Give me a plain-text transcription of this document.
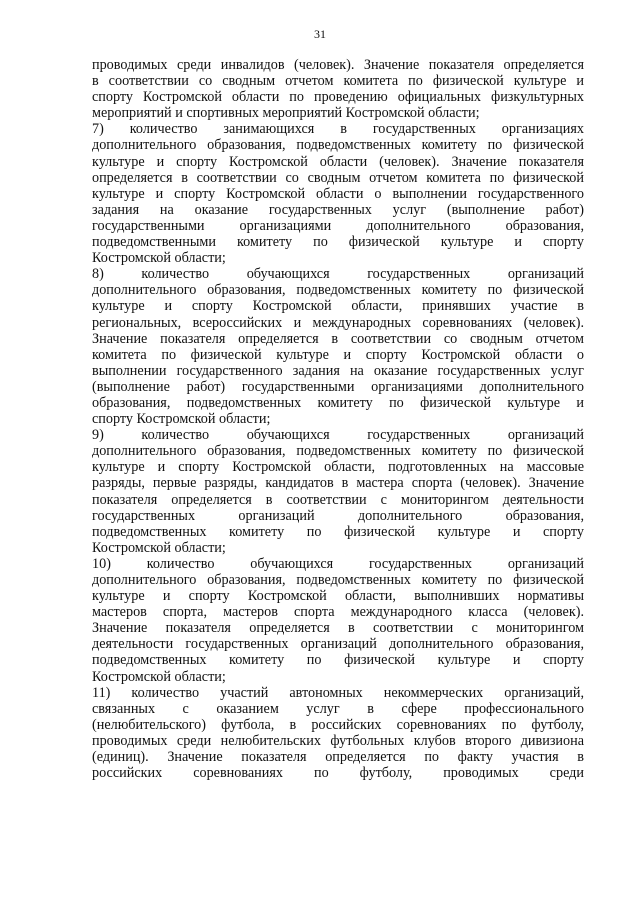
31
проводимых среди инвалидов (человек). Значение показателя определяется
в соответствии со сводным отчетом комитета по физической культуре и
спорту Костромской области по проведению официальных физкультурных
мероприятий и спортивных мероприятий Костромской области;
7) количество занимающихся в государственных организациях
дополнительного образования, подведомственных комитету по физической
культуре и спорту Костромской области (человек). Значение показателя
определяется в соответствии со сводным отчетом комитета по физической
культуре и спорту Костромской области о выполнении государственного
задания на оказание государственных услуг (выполнение работ)
государственными организациями дополнительного образования,
подведомственными комитету по физической культуре и спорту
Костромской области;
8) количество обучающихся государственных организаций
дополнительного образования, подведомственных комитету по физической
культуре и спорту Костромской области, принявших участие в
региональных, всероссийских и международных соревнованиях (человек).
Значение показателя определяется в соответствии со сводным отчетом
комитета по физической культуре и спорту Костромской области о
выполнении государственного задания на оказание государственных услуг
(выполнение работ) государственными организациями дополнительного
образования, подведомственных комитету по физической культуре и
спорту Костромской области;
9) количество обучающихся государственных организаций
дополнительного образования, подведомственных комитету по физической
культуре и спорту Костромской области, подготовленных на массовые
разряды, первые разряды, кандидатов в мастера спорта (человек). Значение
показателя определяется в соответствии с мониторингом деятельности
государственных организаций дополнительного образования,
подведомственных комитету по физической культуре и спорту
Костромской области;
10) количество обучающихся государственных организаций
дополнительного образования, подведомственных комитету по физической
культуре и спорту Костромской области, выполнивших нормативы
мастеров спорта, мастеров спорта международного класса (человек).
Значение показателя определяется в соответствии с мониторингом
деятельности государственных организаций дополнительного образования,
подведомственных комитету по физической культуре и спорту
Костромской области;
11) количество участий автономных некоммерческих организаций,
связанных с оказанием услуг в сфере профессионального
(нелюбительского) футбола, в российских соревнованиях по футболу,
проводимых среди нелюбительских футбольных клубов второго дивизиона
(единиц). Значение показателя определяется по факту участия в
российских соревнованиях по футболу, проводимых среди
